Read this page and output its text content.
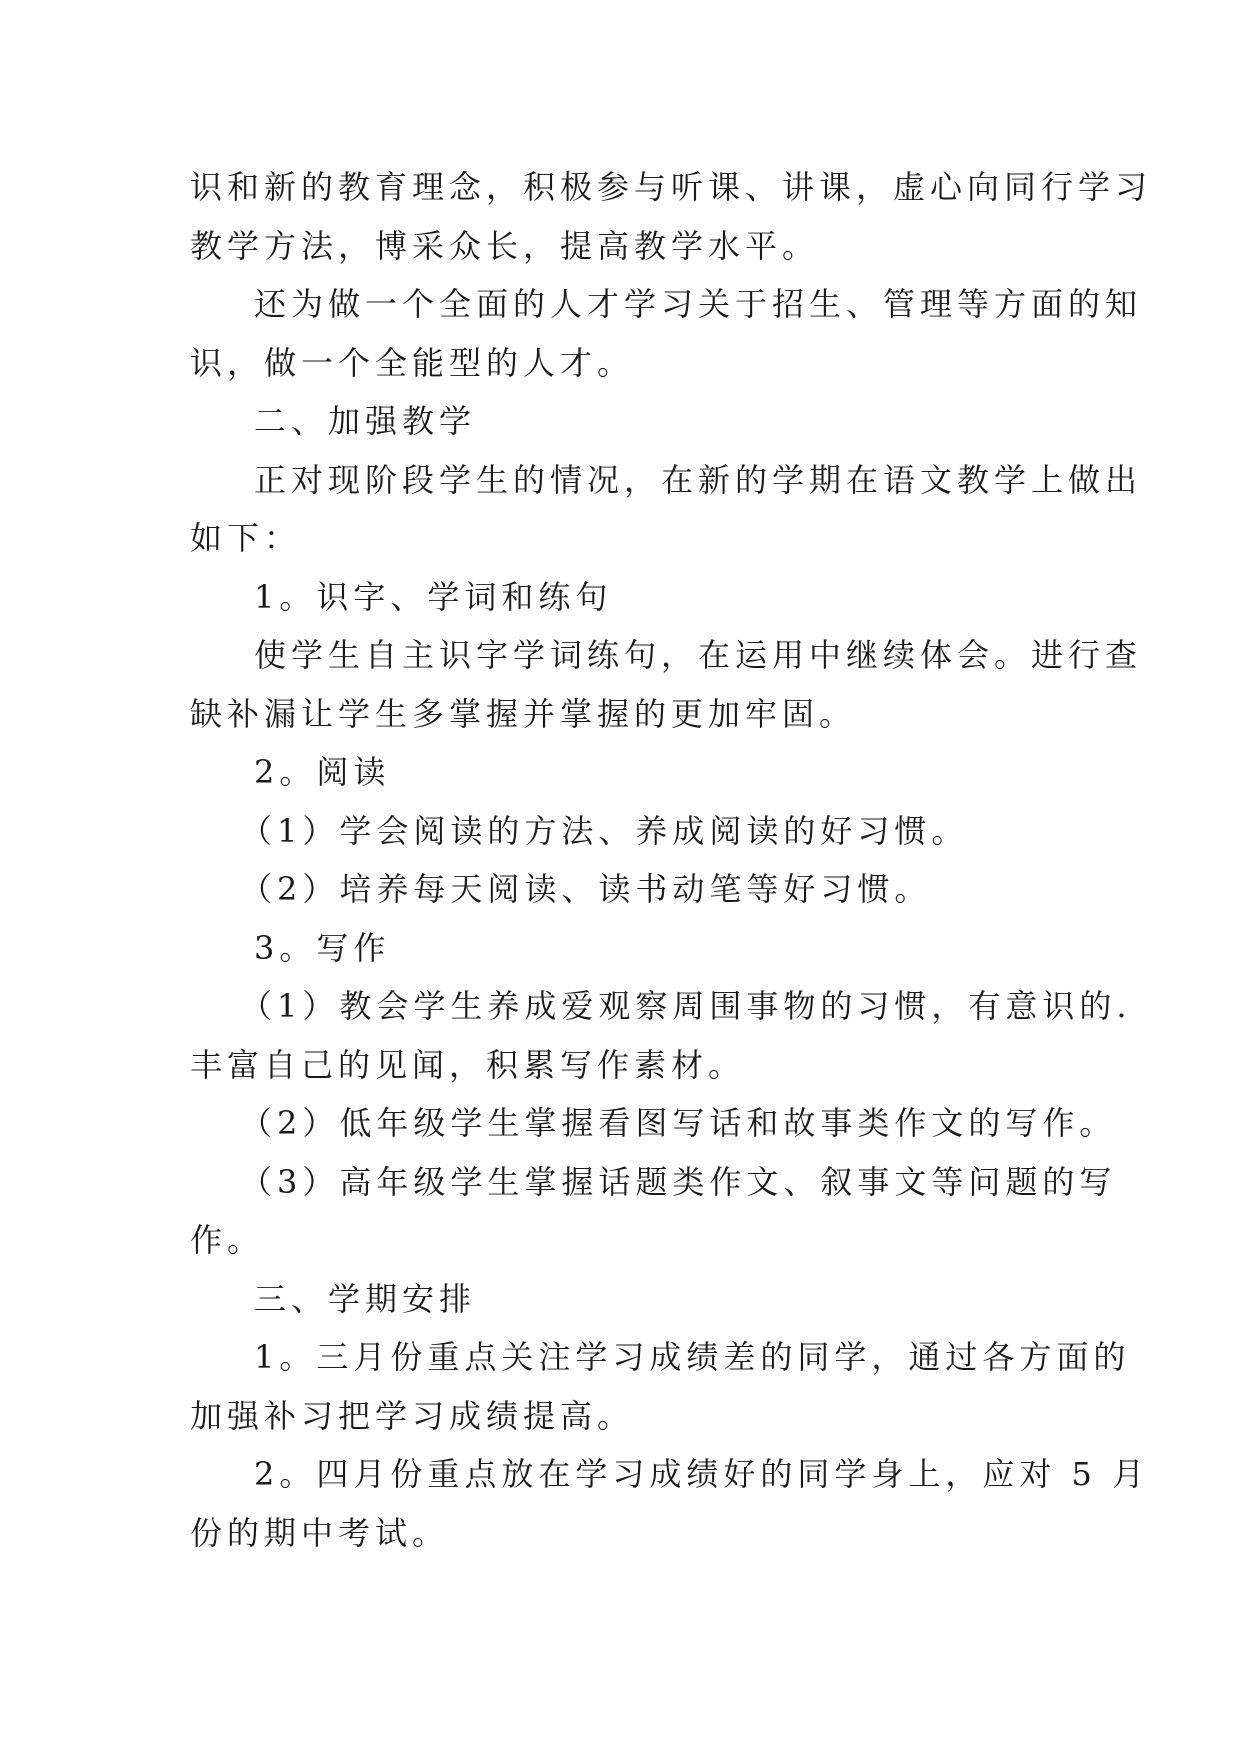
识和新的教育理念，积极参与听课、讲课，虚心向同行学习
教学方法，博采众长，提高教学水平。
还为做一个全面的人才学习关于招生、管理等方面的知
识，做一个全能型的人才。
二、加强教学
正对现阶段学生的情况，在新的学期在语文教学上做出
如下：
1。识字、学词和练句
使学生自主识字学词练句，在运用中继续体会。进行查
缺补漏让学生多掌握并掌握的更加牢固。
2。阅读
（1）学会阅读的方法、养成阅读的好习惯。
（2）培养每天阅读、读书动笔等好习惯。
3。写作
（1）教会学生养成爱观察周围事物的习惯，有意识的.
丰富自己的见闻，积累写作素材。
（2）低年级学生掌握看图写话和故事类作文的写作。
（3）高年级学生掌握话题类作文、叙事文等问题的写
作。
三、学期安排
1。三月份重点关注学习成绩差的同学，通过各方面的
加强补习把学习成绩提高。
2。四月份重点放在学习成绩好的同学身上，应对 5 月
份的期中考试。
